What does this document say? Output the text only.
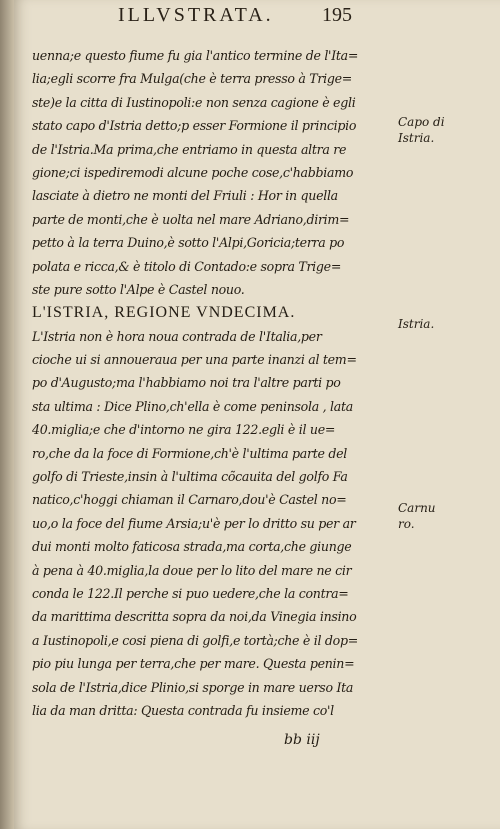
ILLVSTRATA. 195
uenna;e questo fiume fu gia l'antico termine de l'Ita=
lia;egli scorre fra Mulga(che è terra presso à Trige=
ste)e la citta di Iustinopoli:e non senza cagione è egli
stato capo d'Istria detto;p esser Formione il principio
de l'Istria.Ma prima,che entriamo in questa altra re
gione;ci ispediremodi alcune poche cose,c'habbiamo
lasciate à dietro ne monti del Friuli : Hor in quella
parte de monti,che è uolta nel mare Adriano,dirim=
petto à la terra Duino,è sotto l'Alpi,Goricia;terra po
polata e ricca,& è titolo di Contado:e sopra Trige=
ste pure sotto l'Alpe è Castel nouo.
L'ISTRIA, REGIONE VNDECIMA.
L'Istria non è hora noua contrada de l'Italia,per
cioche ui si annoueraua per una parte inanzi al tem=
po d'Augusto;ma l'habbiamo noi tra l'altre parti po
sta ultima : Dice Plino,ch'ella è come peninsola , lata
40.miglia;e che d'intorno ne gira 122.egli è il ue=
ro,che da la foce di Formione,ch'è l'ultima parte del
golfo di Trieste,insin à l'ultima cõcauita del golfo Fa
natico,c'hoggi chiaman il Carnaro,dou'è Castel no=
uo,o la foce del fiume Arsia;u'è per lo dritto su per ar
dui monti molto faticosa strada,ma corta,che giunge
à pena à 40.miglia,la doue per lo lito del mare ne cir
conda le 122.Il perche si puo uedere,che la contra=
da marittima descritta sopra da noi,da Vinegia insino
a Iustinopoli,e cosi piena di golfi,e tortà;che è il dop=
pio piu lunga per terra,che per mare. Questa penin=
sola de l'Istria,dice Plinio,si sporge in mare uerso Ita
lia da man dritta: Questa contrada fu insieme co'l
Capo di Istria.
Istria.
Carnu ro.
bb iij
